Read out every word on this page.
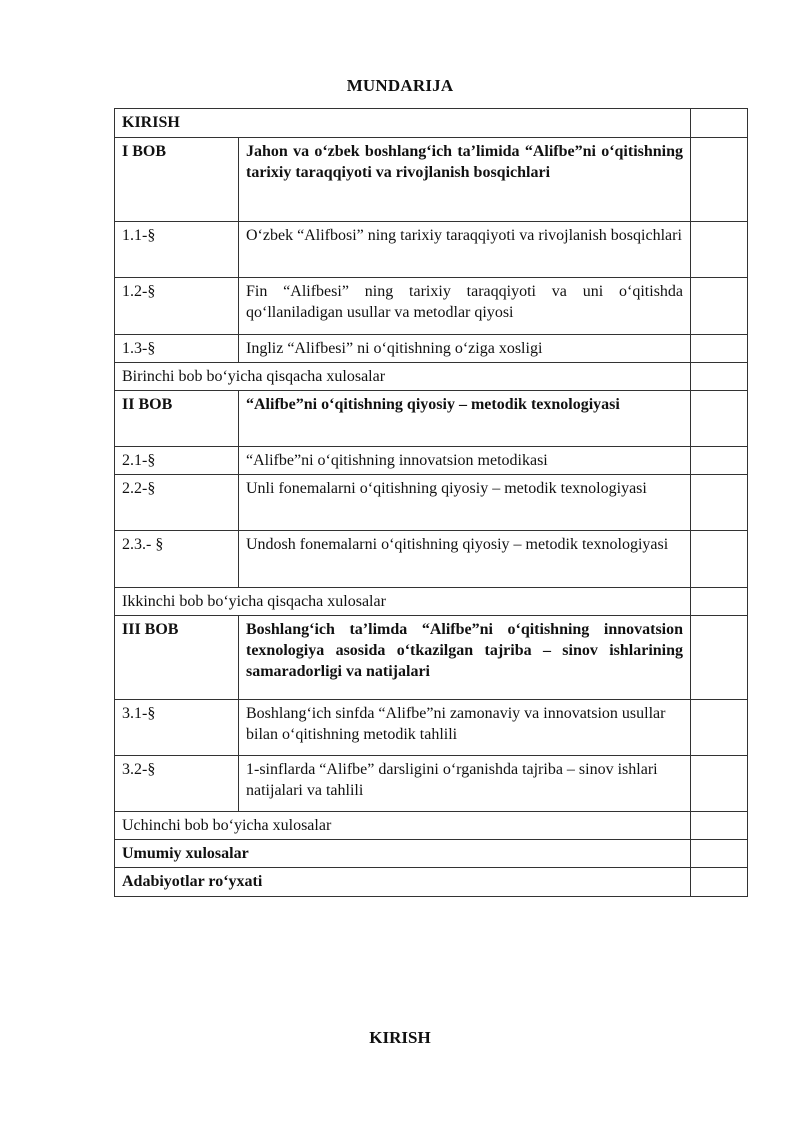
MUNDARIJA
KIRISH		
I BOB	Jahon va o‘zbek boshlang‘ich ta’limida “Alifbe”ni o‘qitishning tarixiy taraqqiyoti va rivojlanish bosqichlari	
1.1-§	O‘zbek “Alifbosi” ning tarixiy taraqqiyoti va rivojlanish bosqichlari	
1.2-§	Fin “Alifbesi” ning tarixiy taraqqiyoti va uni o‘qitishda qo‘llaniladigan usullar va metodlar qiyosi	
1.3-§	Ingliz “Alifbesi” ni o‘qitishning o‘ziga xosligi	
Birinchi bob bo‘yicha qisqacha xulosalar		
II BOB	“Alifbe”ni o‘qitishning qiyosiy – metodik texnologiyasi	
2.1-§	“Alifbe”ni o‘qitishning innovatsion metodikasi	
2.2-§	Unli fonemalarni o‘qitishning qiyosiy – metodik texnologiyasi	
2.3.- §	Undosh fonemalarni o‘qitishning qiyosiy – metodik texnologiyasi	
Ikkinchi bob bo‘yicha qisqacha xulosalar		
III BOB	Boshlang‘ich ta’limda “Alifbe”ni o‘qitishning innovatsion texnologiya asosida o‘tkazilgan tajriba – sinov ishlarining samaradorligi va natijalari	
3.1-§	Boshlang‘ich sinfda “Alifbe”ni zamonaviy va innovatsion usullar bilan o‘qitishning metodik tahlili	
3.2-§	1-sinflarda “Alifbe” darsligini o‘rganishda tajriba – sinov ishlari natijalari va tahlili	
Uchinchi bob bo‘yicha xulosalar		
Umumiy xulosalar		
Adabiyotlar ro‘yxati		
KIRISH
